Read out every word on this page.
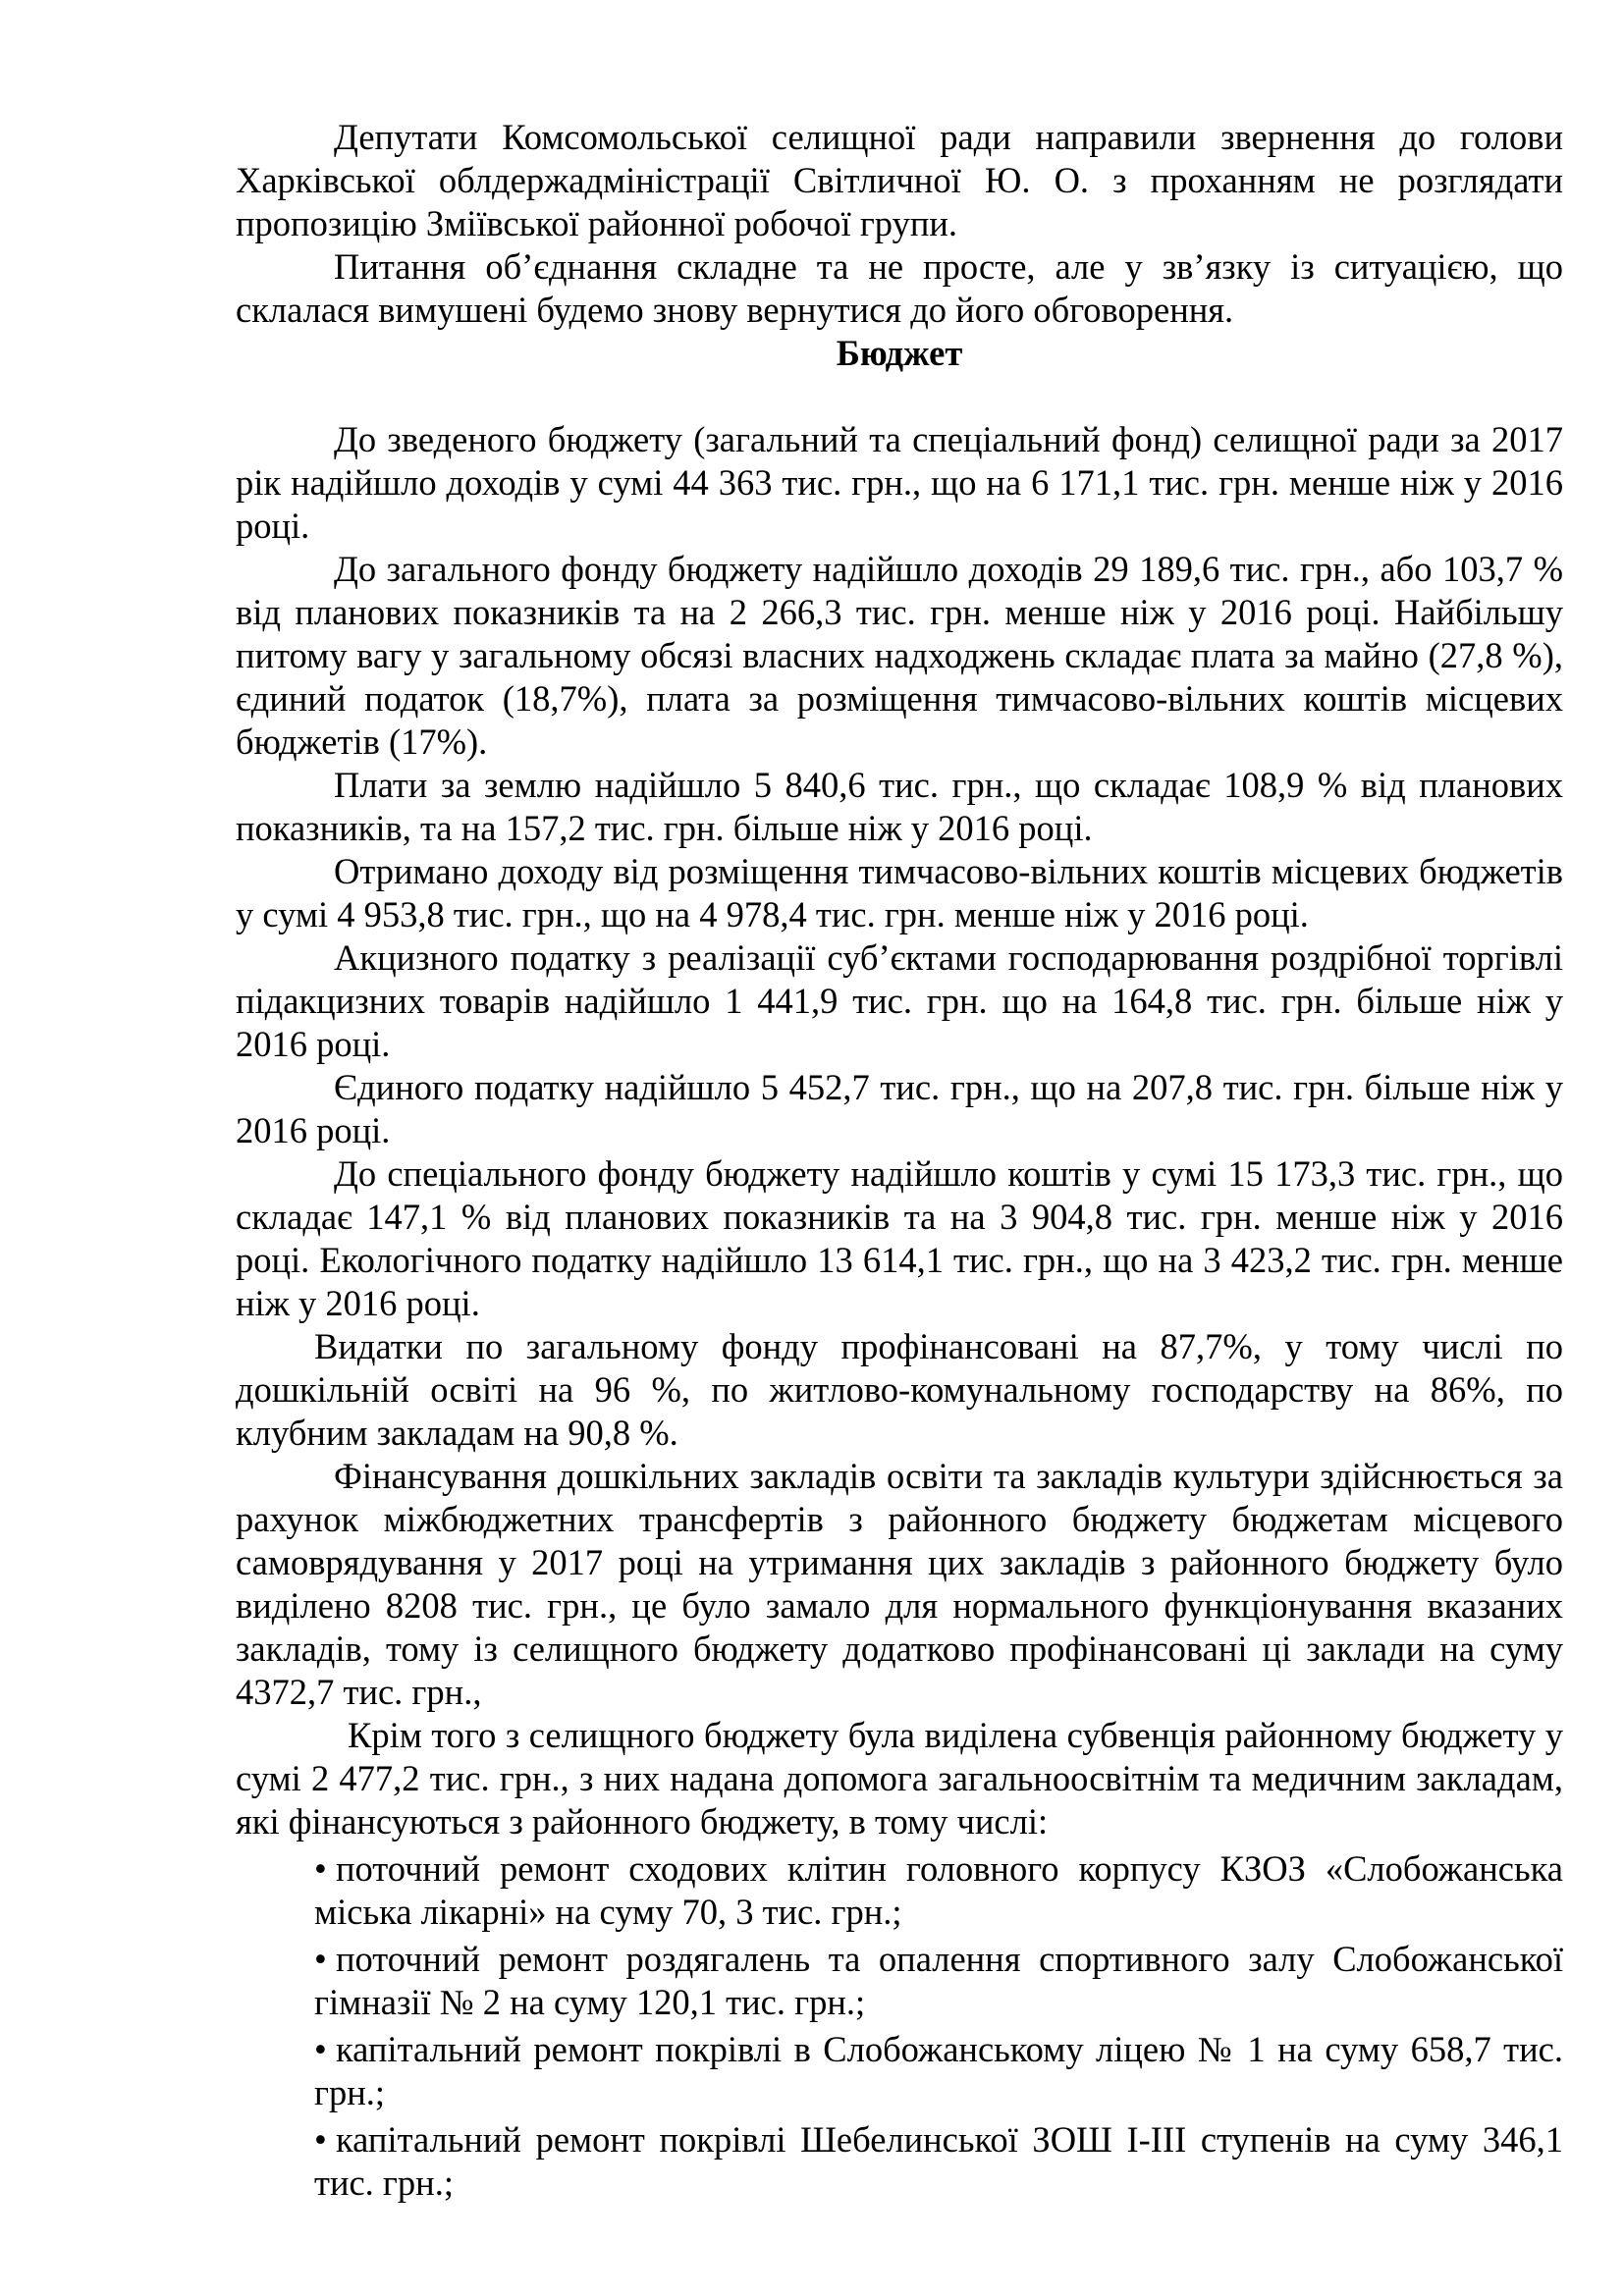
Депутати Комсомольської селищної ради направили звернення до голови Харківської облдержадміністрації Світличної Ю. О. з проханням не розглядати пропозицію Зміївської районної робочої групи.

Питання об’єднання складне та не просте, але у зв’язку із ситуацією, що склалася вимушені будемо знову вернутися до його обговорення.

Бюджет

До зведеного бюджету (загальний та спеціальний фонд) селищної ради за 2017 рік надійшло доходів у сумі 44 363 тис. грн., що на 6 171,1 тис. грн. менше ніж у 2016 році.

До загального фонду бюджету надійшло доходів 29 189,6 тис. грн., або 103,7 % від планових показників та на 2 266,3 тис. грн. менше ніж у 2016 році. Найбільшу питому вагу у загальному обсязі власних надходжень складає плата за майно (27,8 %), єдиний податок (18,7%), плата за розміщення тимчасово-вільних коштів місцевих бюджетів (17%).

Плати за землю надійшло 5 840,6 тис. грн., що складає 108,9 % від планових показників, та на 157,2 тис. грн. більше ніж у 2016 році.

Отримано доходу від розміщення тимчасово-вільних коштів місцевих бюджетів у сумі 4 953,8 тис. грн., що на 4 978,4 тис. грн. менше ніж у 2016 році.

Акцизного податку з реалізації суб’єктами господарювання роздрібної торгівлі підакцизних товарів надійшло 1 441,9 тис. грн. що на 164,8 тис. грн. більше ніж у 2016 році.

Єдиного податку надійшло 5 452,7 тис. грн., що на 207,8 тис. грн. більше ніж у 2016 році.

До спеціального фонду бюджету надійшло коштів у сумі 15 173,3 тис. грн., що складає 147,1 % від планових показників та на 3 904,8 тис. грн. менше ніж у 2016 році. Екологічного податку надійшло 13 614,1 тис. грн., що на 3 423,2 тис. грн. менше ніж у 2016 році.

Видатки по загальному фонду профінансовані на 87,7%, у тому числі по дошкільній освіті на 96 %, по житлово-комунальному господарству на 86%, по клубним закладам на 90,8 %.

Фінансування дошкільних закладів освіти та закладів культури здійснюється за рахунок міжбюджетних трансфертів з районного бюджету бюджетам місцевого самоврядування у 2017 році на утримання цих закладів з районного бюджету було виділено 8208 тис. грн., це було замало для нормального функціонування вказаних закладів, тому із селищного бюджету додатково профінансовані ці заклади на суму 4372,7 тис. грн.,

Крім того з селищного бюджету була виділена субвенція районному бюджету у сумі 2 477,2 тис. грн., з них надана допомога загальноосвітнім та медичним закладам, які фінансуються з районного бюджету, в тому числі:

• поточний ремонт сходових клітин головного корпусу КЗОЗ «Слобожанська міська лікарні» на суму 70, 3 тис. грн.;
• поточний ремонт роздягалень та опалення спортивного залу Слобожанської гімназії № 2 на суму 120,1 тис. грн.;
• капітальний ремонт покрівлі в Слобожанському ліцею № 1 на суму 658,7 тис. грн.;
• капітальний ремонт покрівлі Шебелинської ЗОШ І-ІІІ ступенів на суму 346,1 тис. грн.;
